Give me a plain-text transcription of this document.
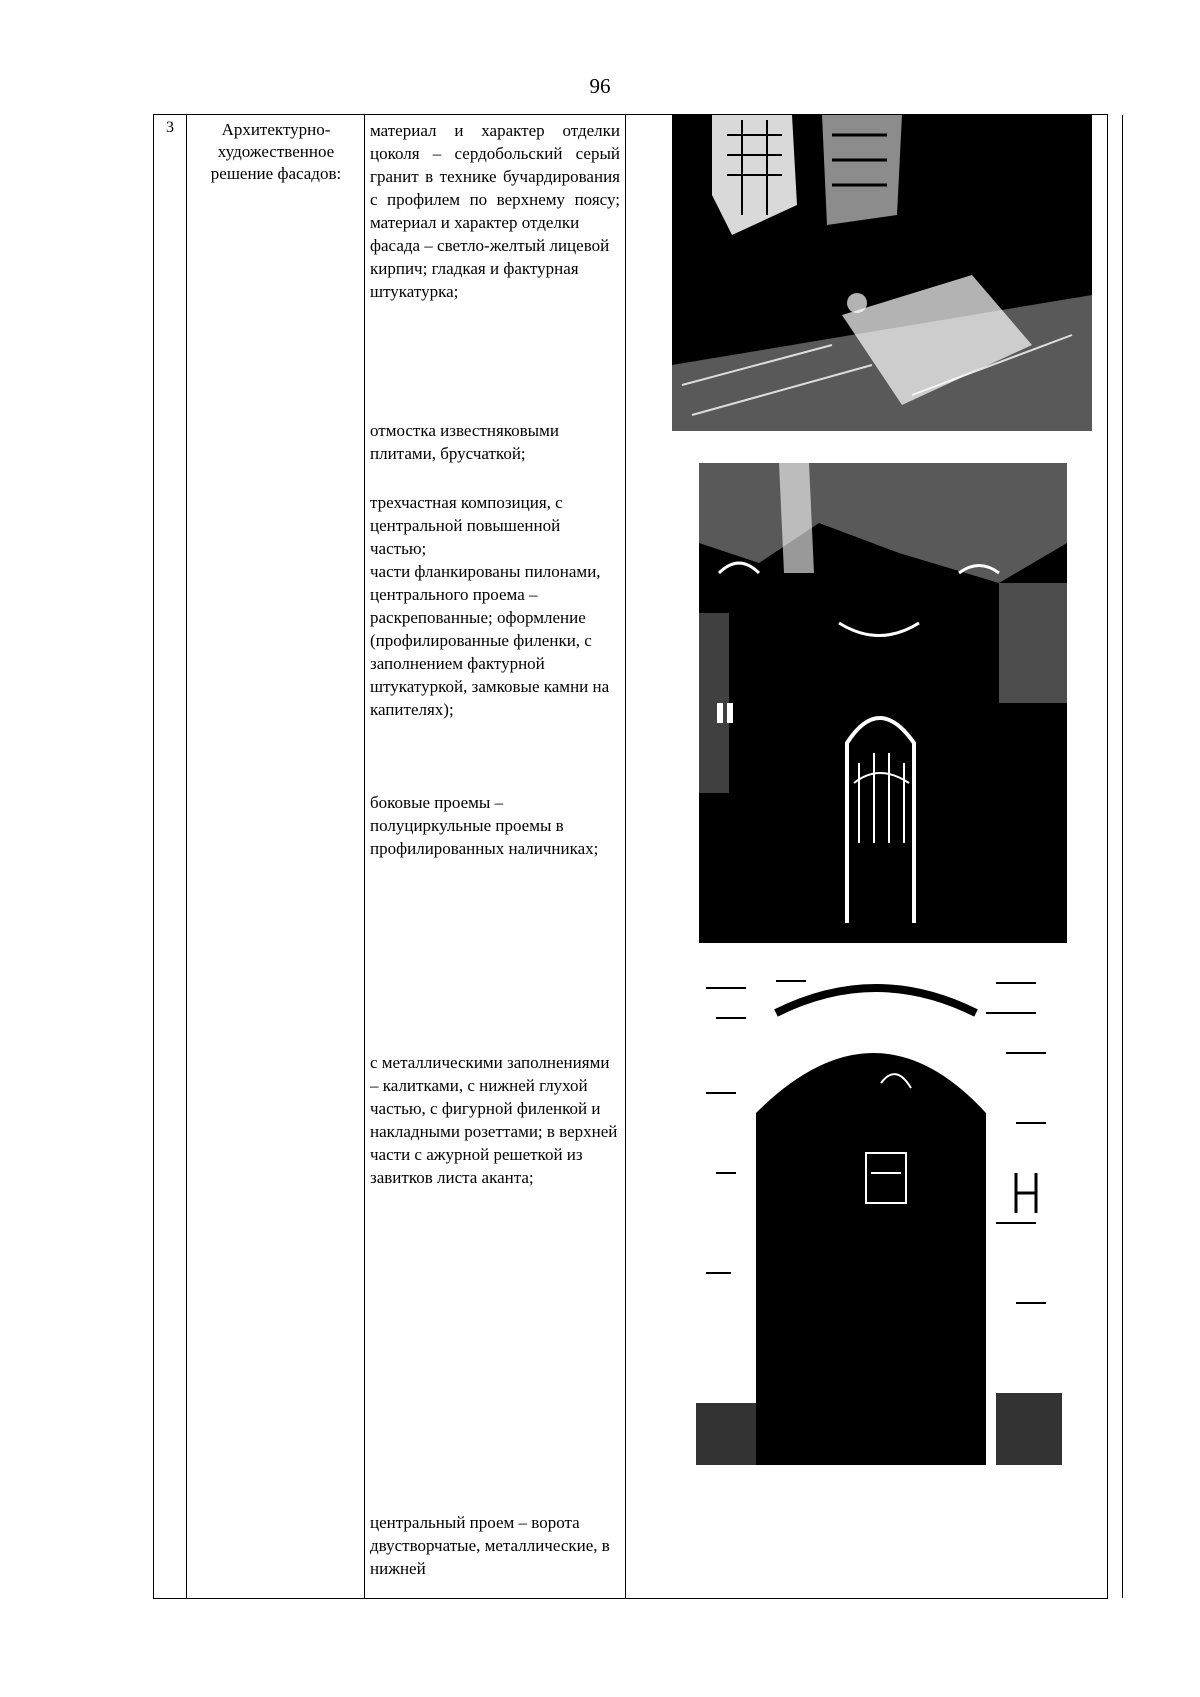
96
3	Архитектурно-художественное решение фасадов:

материал и характер отделки цоколя – сердобольский серый гранит в технике бучардирования с профилем по верхнему поясу;

материал и характер отделки фасада – светло-желтый лицевой кирпич; гладкая и фактурная штукатурка;

отмостка известняковыми плитами, брусчаткой;

трехчастная композиция, с центральной повышенной частью;

части фланкированы пилонами, центрального проема – раскрепованные; оформление (профилированные филенки, с заполнением фактурной штукатуркой, замковые камни на капителях);

боковые проемы – полуциркульные проемы в профилированных наличниках;

с металлическими заполнениями – калитками, с нижней глухой частью, с фигурной филенкой и накладными розеттами; в верхней части с ажурной решеткой из завитков листа аканта;

центральный проем – ворота двустворчатые, металлические, в нижней
